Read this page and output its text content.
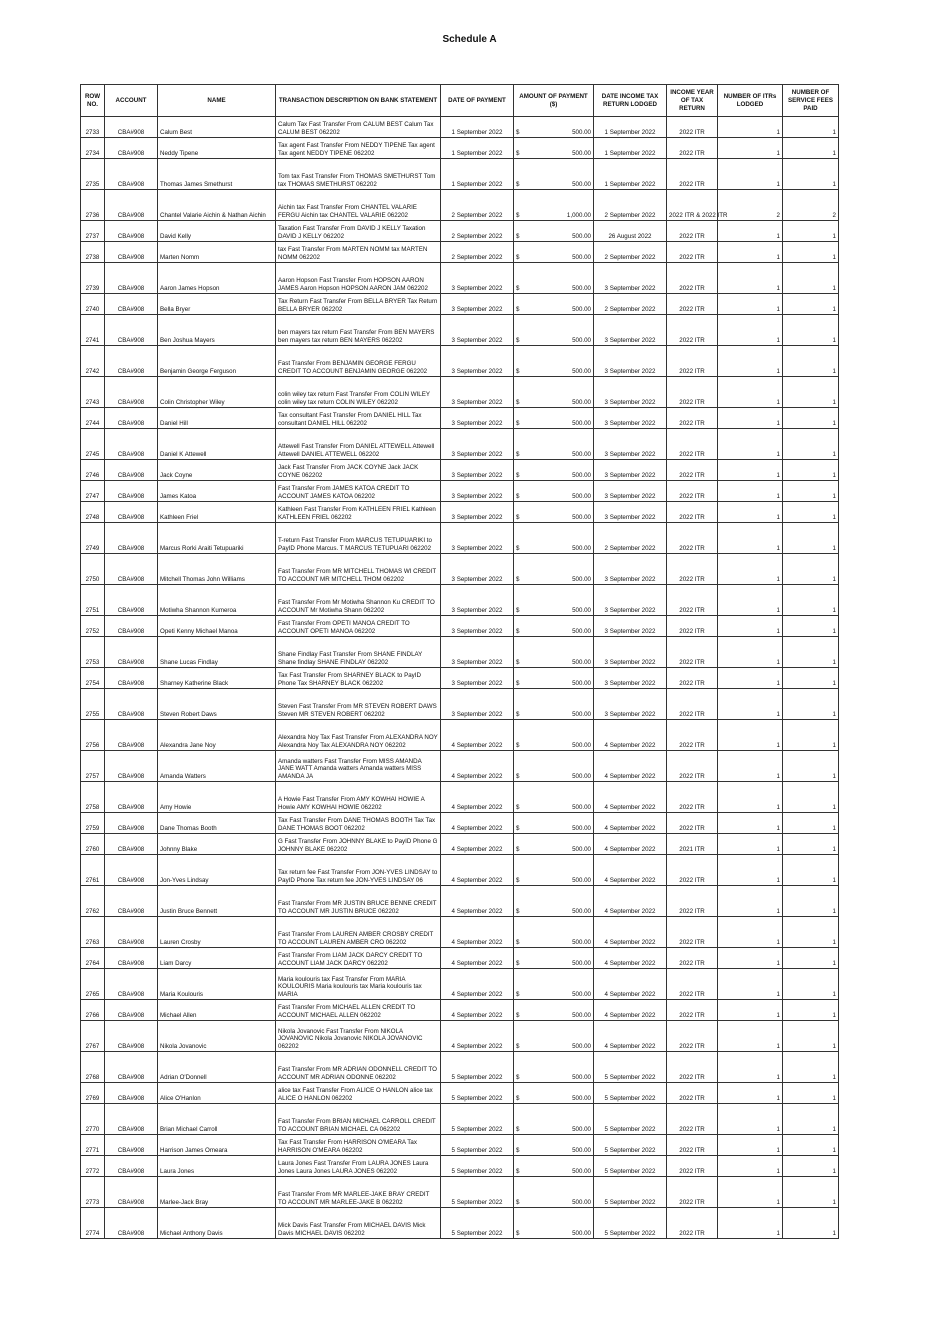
Schedule A
ROW NO.	ACCOUNT	NAME	TRANSACTION DESCRIPTION ON BANK STATEMENT	DATE OF PAYMENT	AMOUNT OF PAYMENT ($)	DATE INCOME TAX RETURN LODGED	INCOME YEAR OF TAX RETURN	NUMBER OF ITRs LODGED	NUMBER OF SERVICE FEES PAID
2733	CBA#908	Calum Best	Calum Tax Fast Transfer From CALUM BEST Calum Tax CALUM BEST 062202	1 September 2022	$ 500.00	1 September 2022	2022 ITR	1	1
2734	CBA#908	Neddy Tipene	Tax agent Fast Transfer From NEDDY TIPENE Tax agent Tax agent NEDDY TIPENE 062202	1 September 2022	$ 500.00	1 September 2022	2022 ITR	1	1
2735	CBA#908	Thomas James Smethurst	Tom tax Fast Transfer From THOMAS SMETHURST Tom tax THOMAS SMETHURST 062202	1 September 2022	$ 500.00	1 September 2022	2022 ITR	1	1
2736	CBA#908	Chantel Valarie Aichin & Nathan Aichin	Aichin tax Fast Transfer From CHANTEL VALARIE FERGU Aichin tax CHANTEL VALARIE 062202	2 September 2022	$ 1,000.00	2 September 2022	2022 ITR & 2022 ITR	2	2
2737	CBA#908	David Kelly	Taxation Fast Transfer From DAVID J KELLY Taxation DAVID J KELLY 062202	2 September 2022	$ 500.00	26 August 2022	2022 ITR	1	1
2738	CBA#908	Marten Nomm	tax Fast Transfer From MARTEN NOMM tax MARTEN NOMM 062202	2 September 2022	$ 500.00	2 September 2022	2022 ITR	1	1
2739	CBA#908	Aaron James Hopson	Aaron Hopson Fast Transfer From HOPSON AARON JAMES Aaron Hopson HOPSON AARON JAM 062202	3 September 2022	$ 500.00	3 September 2022	2022 ITR	1	1
2740	CBA#908	Bella Bryer	Tax Return Fast Transfer From BELLA BRYER Tax Return BELLA BRYER 062202	3 September 2022	$ 500.00	2 September 2022	2022 ITR	1	1
2741	CBA#908	Ben Joshua Mayers	ben mayers tax return Fast Transfer From BEN MAYERS ben mayers tax return BEN MAYERS 062202	3 September 2022	$ 500.00	3 September 2022	2022 ITR	1	1
2742	CBA#908	Benjamin George Ferguson	Fast Transfer From BENJAMIN GEORGE FERGU CREDIT TO ACCOUNT BENJAMIN GEORGE 062202	3 September 2022	$ 500.00	3 September 2022	2022 ITR	1	1
2743	CBA#908	Colin Christopher Wiley	colin wiley tax return Fast Transfer From COLIN WILEY colin wiley tax return COLIN WILEY 062202	3 September 2022	$ 500.00	3 September 2022	2022 ITR	1	1
2744	CBA#908	Daniel Hill	Tax consultant Fast Transfer From DANIEL HILL Tax consultant DANIEL HILL 062202	3 September 2022	$ 500.00	3 September 2022	2022 ITR	1	1
2745	CBA#908	Daniel K Attewell	Attewell Fast Transfer From DANIEL ATTEWELL Attewell Attewell DANIEL ATTEWELL 062202	3 September 2022	$ 500.00	3 September 2022	2022 ITR	1	1
2746	CBA#908	Jack Coyne	Jack Fast Transfer From JACK COYNE Jack JACK COYNE 062202	3 September 2022	$ 500.00	3 September 2022	2022 ITR	1	1
2747	CBA#908	James Katoa	Fast Transfer From JAMES KATOA CREDIT TO ACCOUNT JAMES KATOA 062202	3 September 2022	$ 500.00	3 September 2022	2022 ITR	1	1
2748	CBA#908	Kathleen Friel	Kathleen Fast Transfer From KATHLEEN FRIEL Kathleen KATHLEEN FRIEL 062202	3 September 2022	$ 500.00	3 September 2022	2022 ITR	1	1
2749	CBA#908	Marcus Rorki Araiti Tetupuariki	T-return Fast Transfer From MARCUS TETUPUARIKI to PayID Phone Marcus. T MARCUS TETUPUARI 062202	3 September 2022	$ 500.00	2 September 2022	2022 ITR	1	1
2750	CBA#908	Mitchell Thomas John Williams	Fast Transfer From MR MITCHELL THOMAS WI CREDIT TO ACCOUNT MR MITCHELL THOM 062202	3 September 2022	$ 500.00	3 September 2022	2022 ITR	1	1
2751	CBA#908	Motiwha Shannon Kumeroa	Fast Transfer From Mr Motiwha Shannon Ku CREDIT TO ACCOUNT Mr Motiwha Shann 062202	3 September 2022	$ 500.00	3 September 2022	2022 ITR	1	1
2752	CBA#908	Opeti Kenny Michael Manoa	Fast Transfer From OPETI MANOA CREDIT TO ACCOUNT OPETI MANOA 062202	3 September 2022	$ 500.00	3 September 2022	2022 ITR	1	1
2753	CBA#908	Shane Lucas Findlay	Shane Findlay Fast Transfer From SHANE FINDLAY Shane findlay SHANE FINDLAY 062202	3 September 2022	$ 500.00	3 September 2022	2022 ITR	1	1
2754	CBA#908	Sharney Katherine Black	Tax Fast Transfer From SHARNEY BLACK to PayID Phone Tax SHARNEY BLACK 062202	3 September 2022	$ 500.00	3 September 2022	2022 ITR	1	1
2755	CBA#908	Steven Robert Daws	Steven Fast Transfer From MR STEVEN ROBERT DAWS Steven MR STEVEN ROBERT 062202	3 September 2022	$ 500.00	3 September 2022	2022 ITR	1	1
2756	CBA#908	Alexandra Jane Noy	Alexandra Noy Tax Fast Transfer From ALEXANDRA NOY Alexandra Noy Tax ALEXANDRA NOY 062202	4 September 2022	$ 500.00	4 September 2022	2022 ITR	1	1
2757	CBA#908	Amanda Watters	Amanda watters Fast Transfer From MISS AMANDA JANE WATT Amanda watters Amanda watters MISS AMANDA JA	4 September 2022	$ 500.00	4 September 2022	2022 ITR	1	1
2758	CBA#908	Amy Howie	A Howie Fast Transfer From AMY KOWHAI HOWIE A Howie AMY KOWHAI HOWIE 062202	4 September 2022	$ 500.00	4 September 2022	2022 ITR	1	1
2759	CBA#908	Dane Thomas Booth	Tax Fast Transfer From DANE THOMAS BOOTH Tax Tax DANE THOMAS BOOT 062202	4 September 2022	$ 500.00	4 September 2022	2022 ITR	1	1
2760	CBA#908	Johnny Blake	G Fast Transfer From JOHNNY BLAKE to PayID Phone G JOHNNY BLAKE 062202	4 September 2022	$ 500.00	4 September 2022	2021 ITR	1	1
2761	CBA#908	Jon-Yves Lindsay	Tax return fee Fast Transfer From JON-YVES LINDSAY to PayID Phone Tax return fee JON-YVES LINDSAY 06	4 September 2022	$ 500.00	4 September 2022	2022 ITR	1	1
2762	CBA#908	Justin Bruce Bennett	Fast Transfer From MR JUSTIN BRUCE BENNE CREDIT TO ACCOUNT MR JUSTIN BRUCE 062202	4 September 2022	$ 500.00	4 September 2022	2022 ITR	1	1
2763	CBA#908	Lauren Crosby	Fast Transfer From LAUREN AMBER CROSBY CREDIT TO ACCOUNT LAUREN AMBER CRO 062202	4 September 2022	$ 500.00	4 September 2022	2022 ITR	1	1
2764	CBA#908	Liam Darcy	Fast Transfer From LIAM JACK DARCY CREDIT TO ACCOUNT LIAM JACK DARCY 062202	4 September 2022	$ 500.00	4 September 2022	2022 ITR	1	1
2765	CBA#908	Maria Koulouris	Maria koulouris tax Fast Transfer From MARIA KOULOURIS Maria koulouris tax Maria koulouris tax MARIA	4 September 2022	$ 500.00	4 September 2022	2022 ITR	1	1
2766	CBA#908	Michael Allen	Fast Transfer From MICHAEL ALLEN CREDIT TO ACCOUNT MICHAEL ALLEN 062202	4 September 2022	$ 500.00	4 September 2022	2022 ITR	1	1
2767	CBA#908	Nikola Jovanovic	Nikola Jovanovic Fast Transfer From NIKOLA JOVANOVIC Nikola Jovanovic NIKOLA JOVANOVIC 062202	4 September 2022	$ 500.00	4 September 2022	2022 ITR	1	1
2768	CBA#908	Adrian O'Donnell	Fast Transfer From MR ADRIAN ODONNELL CREDIT TO ACCOUNT MR ADRIAN ODONNE 062202	5 September 2022	$ 500.00	5 September 2022	2022 ITR	1	1
2769	CBA#908	Alice O'Hanlon	alice tax Fast Transfer From ALICE O HANLON alice tax ALICE O HANLON 062202	5 September 2022	$ 500.00	5 September 2022	2022 ITR	1	1
2770	CBA#908	Brian Michael Carroll	Fast Transfer From BRIAN MICHAEL CARROLL CREDIT TO ACCOUNT BRIAN MICHAEL CA 062202	5 September 2022	$ 500.00	5 September 2022	2022 ITR	1	1
2771	CBA#908	Harrison James Omeara	Tax Fast Transfer From HARRISON O'MEARA Tax HARRISON O'MEARA 062202	5 September 2022	$ 500.00	5 September 2022	2022 ITR	1	1
2772	CBA#908	Laura Jones	Laura Jones Fast Transfer From LAURA JONES Laura Jones Laura Jones LAURA JONES 062202	5 September 2022	$ 500.00	5 September 2022	2022 ITR	1	1
2773	CBA#908	Marlee-Jack Bray	Fast Transfer From MR MARLEE-JAKE BRAY CREDIT TO ACCOUNT MR MARLEE-JAKE B 062202	5 September 2022	$ 500.00	5 September 2022	2022 ITR	1	1
2774	CBA#908	Michael Anthony Davis	Mick Davis Fast Transfer From MICHAEL DAVIS Mick Davis MICHAEL DAVIS 062202	5 September 2022	$ 500.00	5 September 2022	2022 ITR	1	1
